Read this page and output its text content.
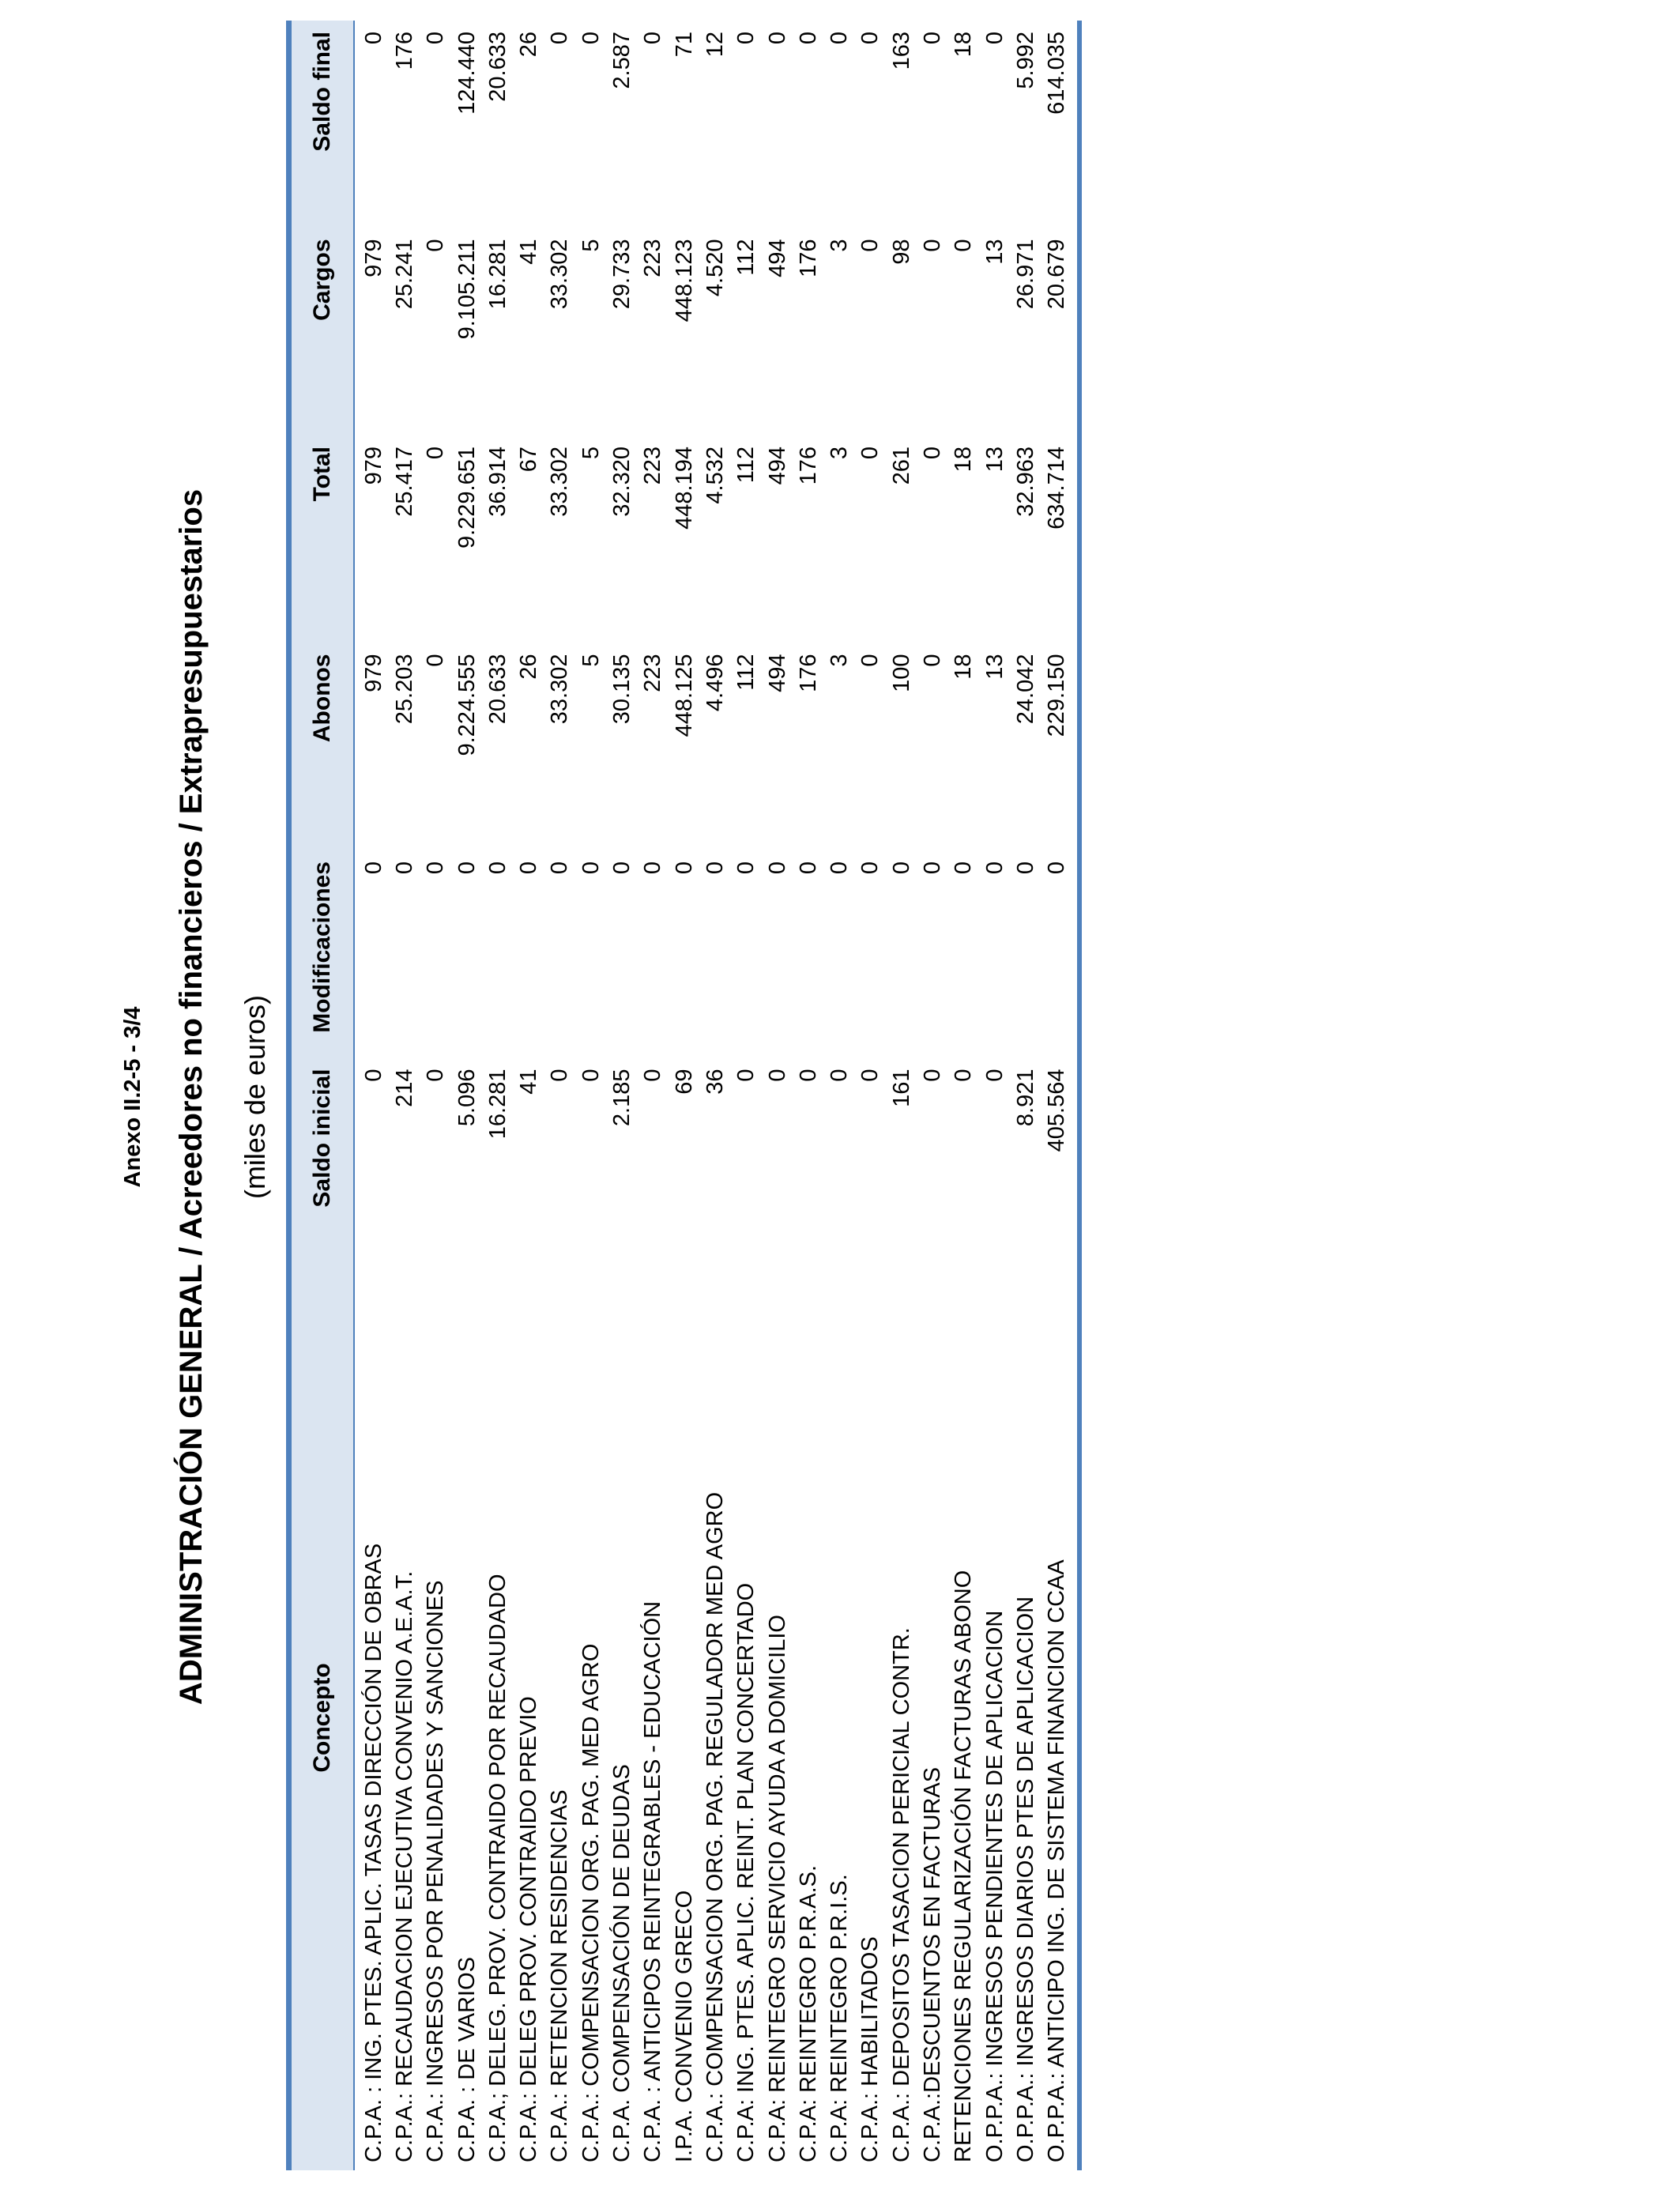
Anexo II.2-5 - 3/4 ADMINISTRACIÓN GENERAL / Acreedores no financieros / Extrapresupuestarios (miles de euros)
Concepto	Saldo inicial	Modificaciones	Abonos	Total	Cargos	Saldo final
C.P.A. : ING. PTES. APLIC. TASAS DIRECCIÓN DE OBRAS	0	0	979	979	979	0
C.P.A.: RECAUDACION EJECUTIVA CONVENIO A.E.A.T.	214	0	25.203	25.417	25.241	176
C.P.A.: INGRESOS POR PENALIDADES Y SANCIONES	0	0	0	0	0	0
C.P.A. : DE VARIOS	5.096	0	9.224.555	9.229.651	9.105.211	124.440
C.P.A.; DELEG. PROV. CONTRAIDO POR RECAUDADO	16.281	0	20.633	36.914	16.281	20.633
C.P.A.: DELEG PROV. CONTRAIDO PREVIO	41	0	26	67	41	26
C.P.A.: RETENCION RESIDENCIAS	0	0	33.302	33.302	33.302	0
C.P.A.: COMPENSACION ORG. PAG. MED AGRO	0	0	5	5	5	0
C.P.A. COMPENSACIÓN DE DEUDAS	2.185	0	30.135	32.320	29.733	2.587
C.P.A. : ANTICIPOS REINTEGRABLES - EDUCACIÓN	0	0	223	223	223	0
I.P.A. CONVENIO GRECO	69	0	448.125	448.194	448.123	71
C.P.A.: COMPENSACION ORG. PAG. REGULADOR MED AGRO	36	0	4.496	4.532	4.520	12
C.P.A: ING. PTES. APLIC. REINT. PLAN CONCERTADO	0	0	112	112	112	0
C.P.A: REINTEGRO SERVICIO AYUDA A DOMICILIO	0	0	494	494	494	0
C.P.A: REINTEGRO P.R.A.S.	0	0	176	176	176	0
C.P.A: REINTEGRO P.R.I.S.	0	0	3	3	3	0
C.P.A.: HABILITADOS	0	0	0	0	0	0
C.P.A.: DEPOSITOS TASACION PERICIAL CONTR.	161	0	100	261	98	163
C.P.A.:DESCUENTOS EN FACTURAS	0	0	0	0	0	0
RETENCIONES REGULARIZACIÓN FACTURAS ABONO	0	0	18	18	0	18
O.P.P.A.: INGRESOS PENDIENTES DE APLICACION	0	0	13	13	13	0
O.P.P.A.: INGRESOS DIARIOS PTES DE APLICACION	8.921	0	24.042	32.963	26.971	5.992
O.P.P.A.: ANTICIPO ING. DE SISTEMA FINANCION CCAA	405.564	0	229.150	634.714	20.679	614.035
